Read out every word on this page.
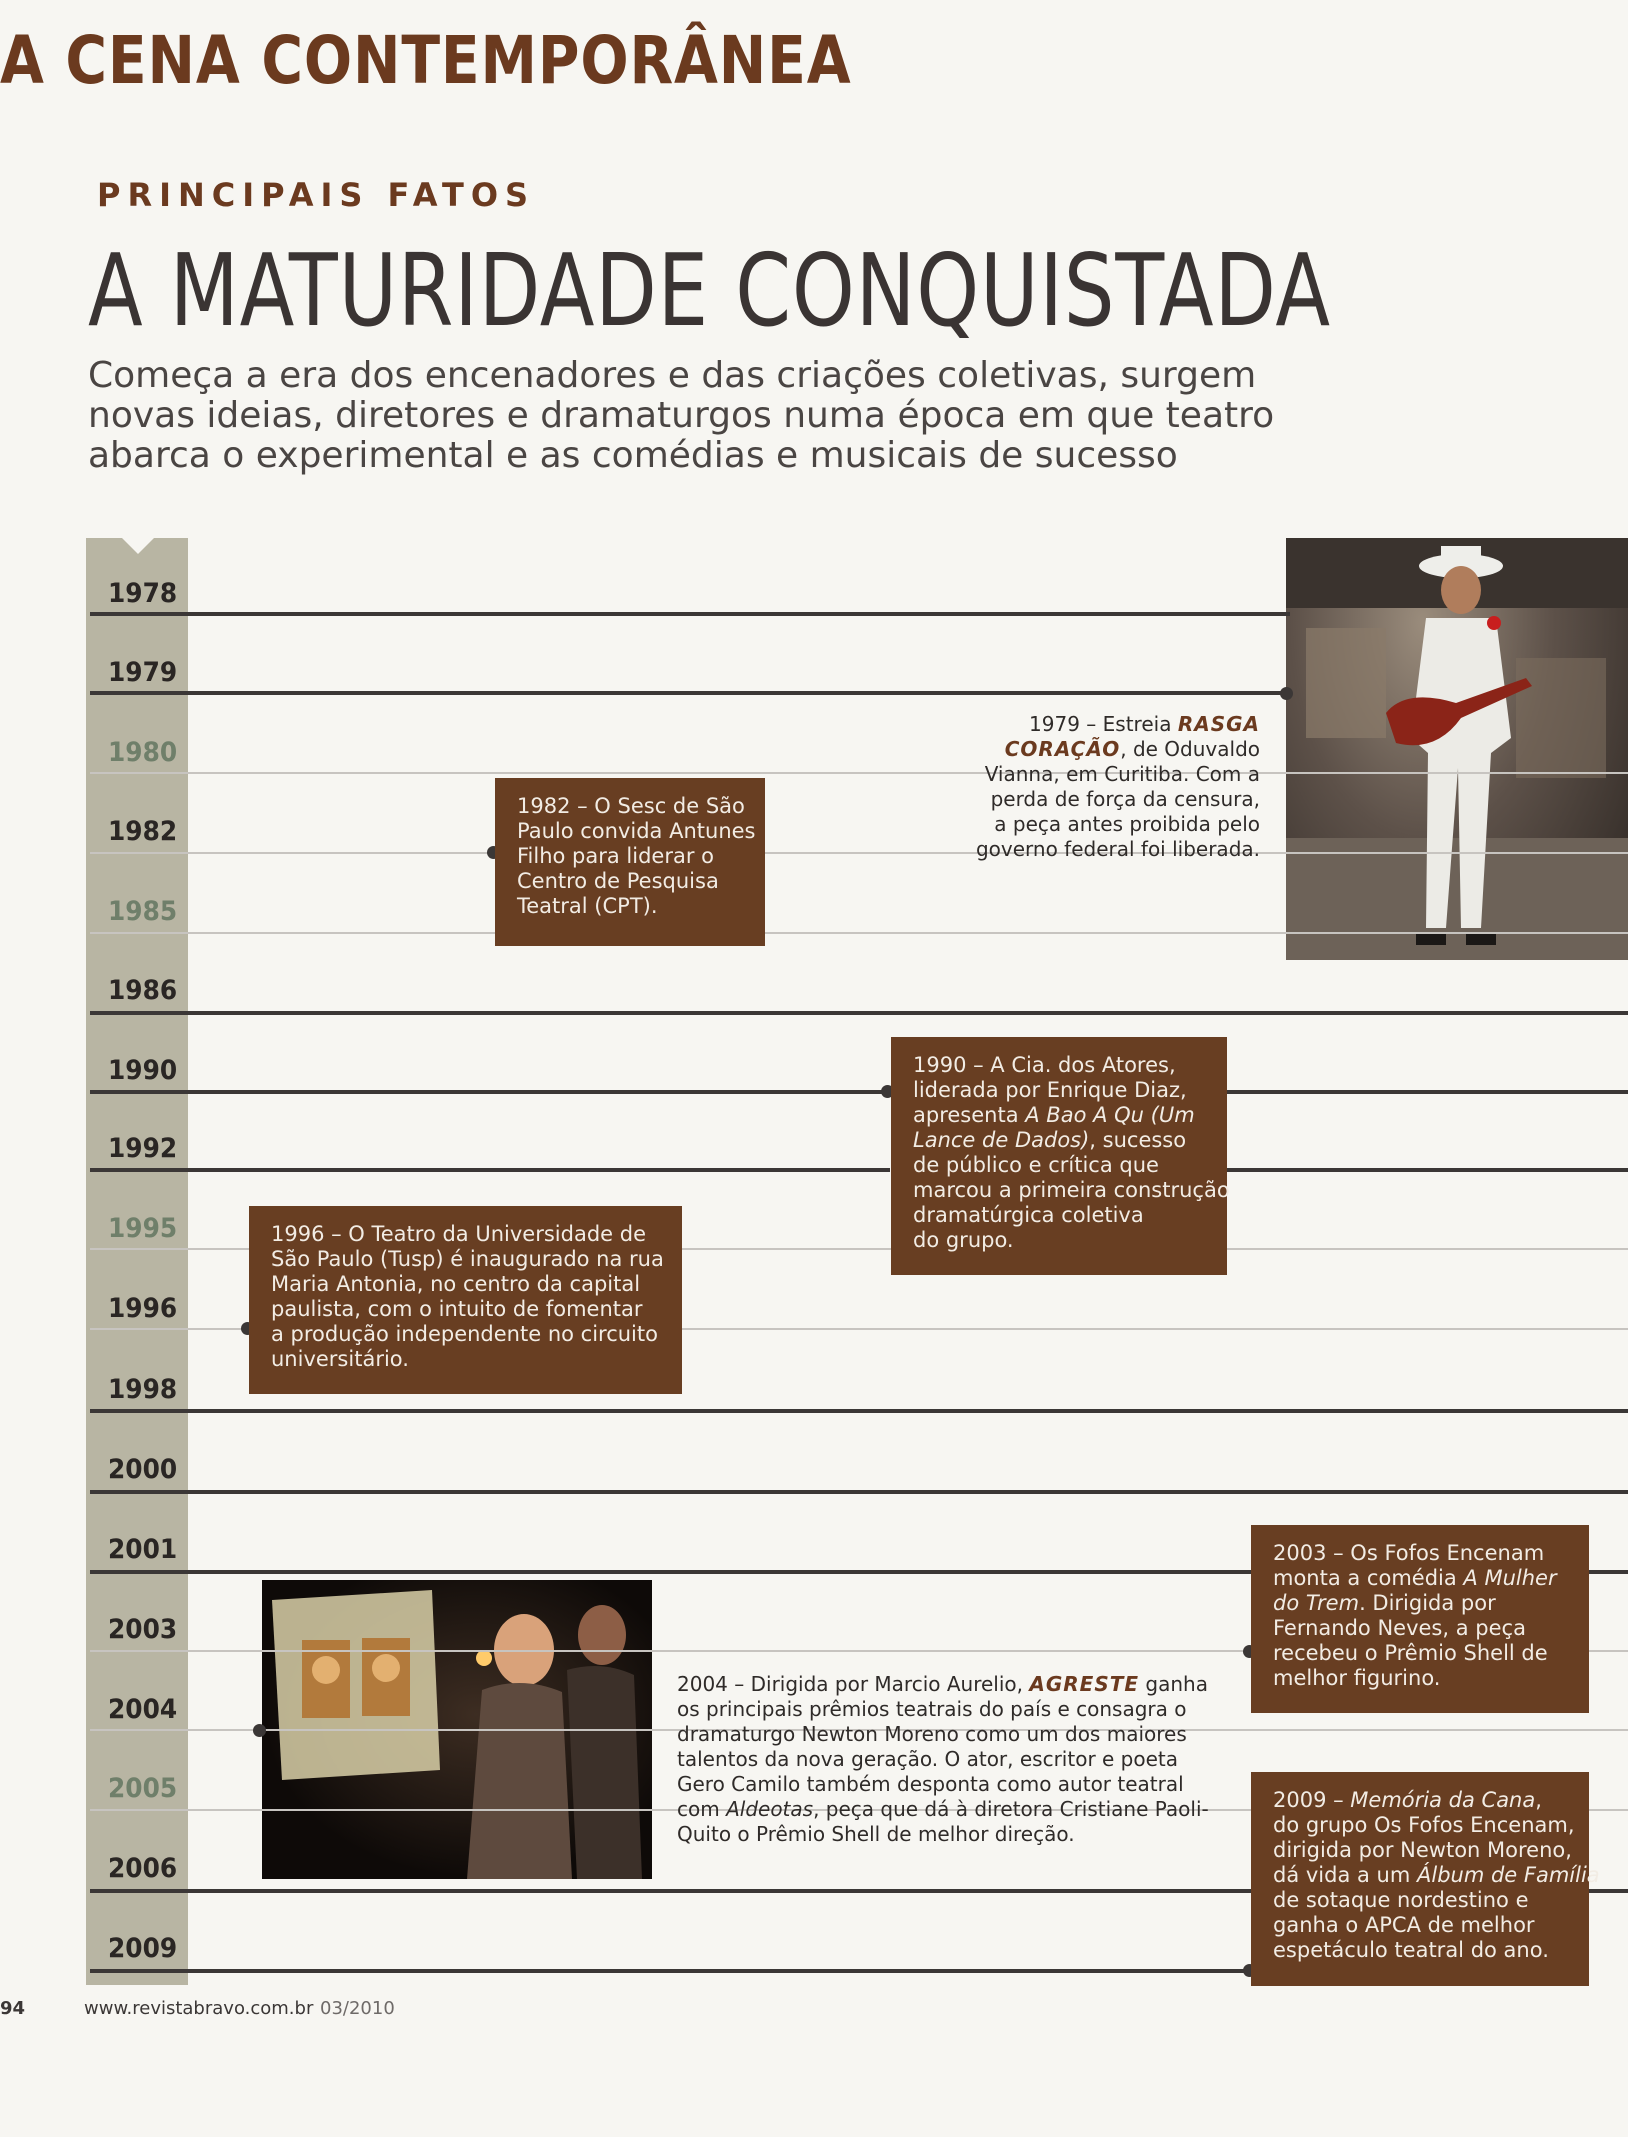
A CENA CONTEMPORÂNEA
PRINCIPAIS FATOS
A MATURIDADE CONQUISTADA
Começa a era dos encenadores e das criações coletivas, surgem
novas ideias, diretores e dramaturgos numa época em que teatro
abarca o experimental e as comédias e musicais de sucesso
1978
1979
1980
1982
1985
1986
1990
1992
1995
1996
1998
2000
2001
2003
2004
2005
2006
2009
1979 – Estreia RASGA
CORAÇÃO, de Oduvaldo
Vianna, em Curitiba. Com a
perda de força da censura,
a peça antes proibida pelo
governo federal foi liberada.
1982 – O Sesc de São
Paulo convida Antunes
Filho para liderar o
Centro de Pesquisa
Teatral (CPT).
1990 – A Cia. dos Atores,
liderada por Enrique Diaz,
apresenta A Bao A Qu (Um
Lance de Dados), sucesso
de público e crítica que
marcou a primeira construção
dramatúrgica coletiva
do grupo.
1996 – O Teatro da Universidade de
São Paulo (Tusp) é inaugurado na rua
Maria Antonia, no centro da capital
paulista, com o intuito de fomentar
a produção independente no circuito
universitário.
2003 – Os Fofos Encenam
monta a comédia A Mulher
do Trem. Dirigida por
Fernando Neves, a peça
recebeu o Prêmio Shell de
melhor figurino.
2004 – Dirigida por Marcio Aurelio, AGRESTE ganha
os principais prêmios teatrais do país e consagra o
dramaturgo Newton Moreno como um dos maiores
talentos da nova geração. O ator, escritor e poeta
Gero Camilo também desponta como autor teatral
com Aldeotas, peça que dá à diretora Cristiane Paoli-
Quito o Prêmio Shell de melhor direção.
2009 – Memória da Cana,
do grupo Os Fofos Encenam,
dirigida por Newton Moreno,
dá vida a um Álbum de Família
de sotaque nordestino e
ganha o APCA de melhor
espetáculo teatral do ano.
94	www.revistabravo.com.br 03/2010
